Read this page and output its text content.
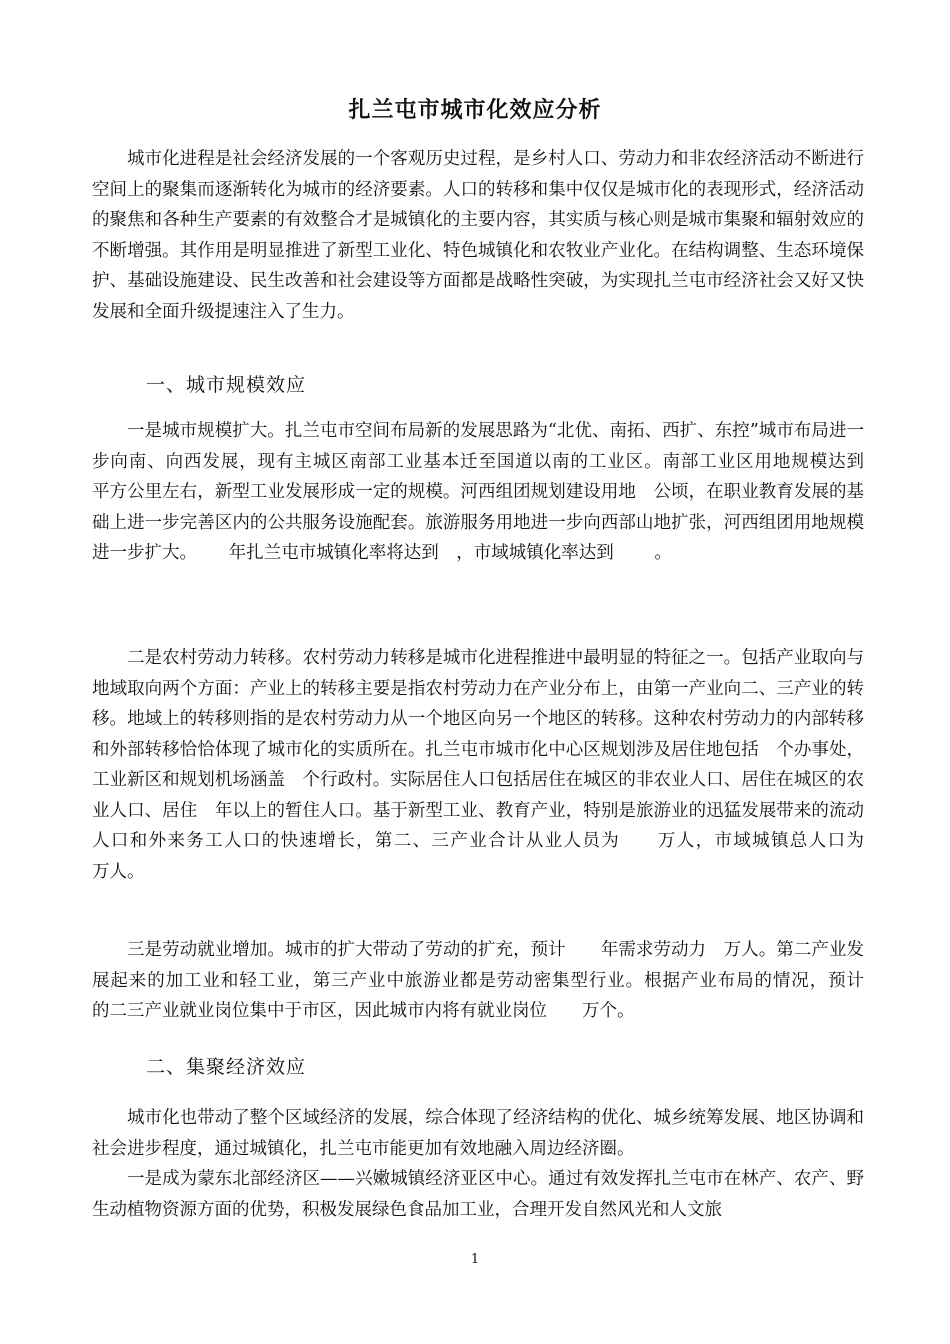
扎兰屯市城市化效应分析

城市化进程是社会经济发展的一个客观历史过程，是乡村人口、劳动力和非农经济活动不断进行空间上的聚集而逐渐转化为城市的经济要素。人口的转移和集中仅仅是城市化的表现形式，经济活动的聚焦和各种生产要素的有效整合才是城镇化的主要内容，其实质与核心则是城市集聚和辐射效应的不断增强。其作用是明显推进了新型工业化、特色城镇化和农牧业产业化。在结构调整、生态环境保护、基础设施建设、民生改善和社会建设等方面都是战略性突破，为实现扎兰屯市经济社会又好又快发展和全面升级提速注入了生力。

一、城市规模效应

一是城市规模扩大。扎兰屯市空间布局新的发展思路为“北优、南拓、西扩、东控”城市布局进一步向南、向西发展，现有主城区南部工业基本迁至国道以南的工业区。南部工业区用地规模达到　 平方公里左右，新型工业发展形成一定的规模。河西组团规划建设用地　公顷，在职业教育发展的基础上进一步完善区内的公共服务设施配套。旅游服务用地进一步向西部山地扩张，河西组团用地规模进一步扩大。　　 年扎兰屯市城镇化率将达到　，市域城镇化率达到　　 。

二是农村劳动力转移。农村劳动力转移是城市化进程推进中最明显的特征之一。包括产业取向与地域取向两个方面：产业上的转移主要是指农村劳动力在产业分布上，由第一产业向二、三产业的转移。地域上的转移则指的是农村劳动力从一个地区向另一个地区的转移。这种农村劳动力的内部转移和外部转移恰恰体现了城市化的实质所在。扎兰屯市城市化中心区规划涉及居住地包括　个办事处，工业新区和规划机场涵盖　个行政村。实际居住人口包括居住在城区的非农业人口、居住在城区的农业人口、居住　年以上的暂住人口。基于新型工业、教育产业，特别是旅游业的迅猛发展带来的流动人口和外来务工人口的快速增长，第二、三产业合计从业人员为　　万人，市域城镇总人口为　　 万人。

三是劳动就业增加。城市的扩大带动了劳动的扩充，预计　　年需求劳动力　万人。第二产业发展起来的加工业和轻工业，第三产业中旅游业都是劳动密集型行业。根据产业布局的情况，预计　 的二三产业就业岗位集中于市区，因此城市内将有就业岗位　　万个。

二、集聚经济效应

城市化也带动了整个区域经济的发展，综合体现了经济结构的优化、城乡统筹发展、地区协调和社会进步程度，通过城镇化，扎兰屯市能更加有效地融入周边经济圈。

一是成为蒙东北部经济区——兴嫩城镇经济亚区中心。通过有效发挥扎兰屯市在林产、农产、野生动植物资源方面的优势，积极发展绿色食品加工业，合理开发自然风光和人文旅

1
